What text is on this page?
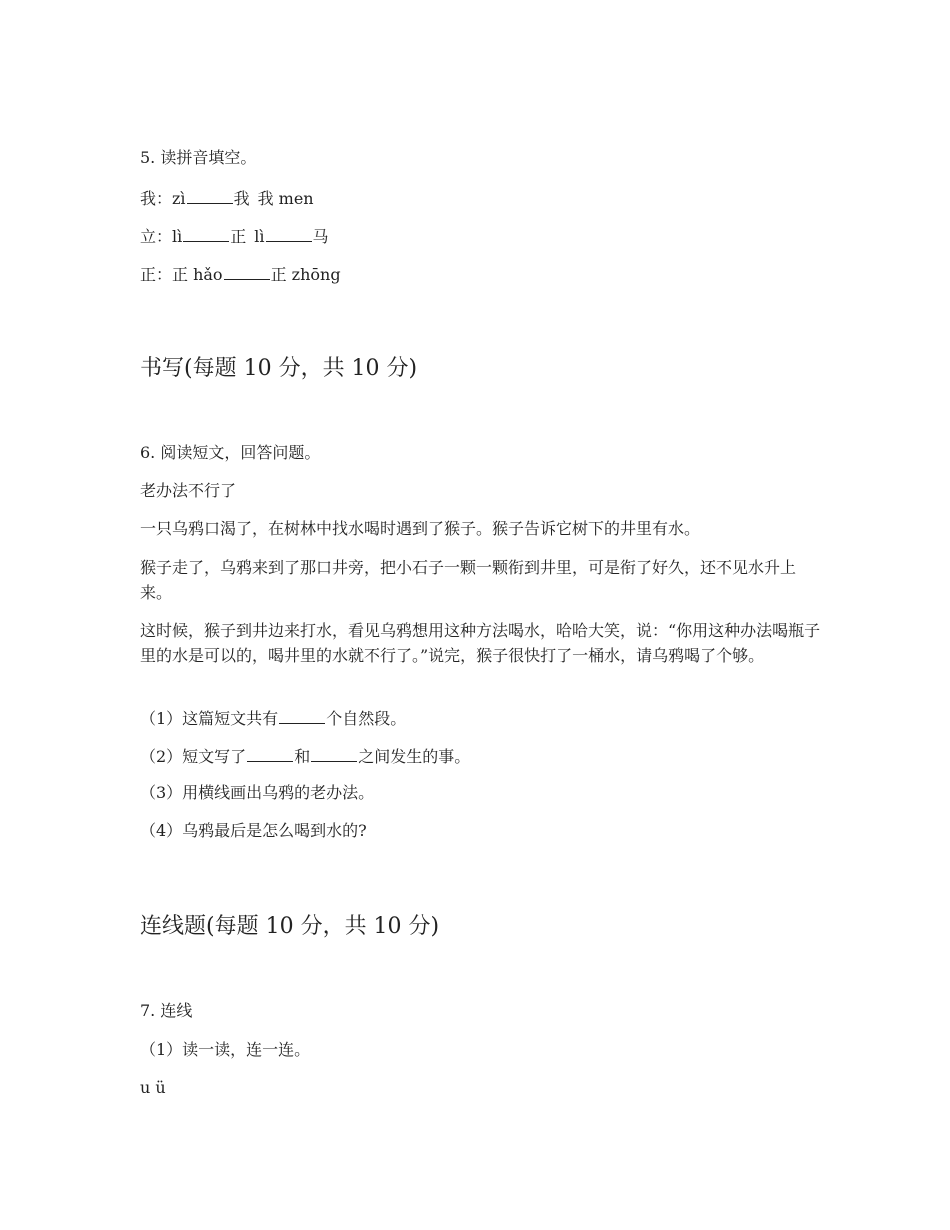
5. 读拼音填空。
我：zì	我 我 men
立：lì	正 lì	马
正：正 hǎo	正 zhōng
书写(每题 10 分，共 10 分)
6. 阅读短文，回答问题。
老办法不行了
一只乌鸦口渴了，在树林中找水喝时遇到了猴子。猴子告诉它树下的井里有水。
猴子走了，乌鸦来到了那口井旁，把小石子一颗一颗衔到井里，可是衔了好久，还不见水升上来。
这时候，猴子到井边来打水，看见乌鸦想用这种方法喝水，哈哈大笑，说：“你用这种办法喝瓶子里的水是可以的，喝井里的水就不行了。”说完，猴子很快打了一桶水，请乌鸦喝了个够。
（1）这篇短文共有	个自然段。
（2）短文写了	和	之间发生的事。
（3）用横线画出乌鸦的老办法。
（4）乌鸦最后是怎么喝到水的?
连线题(每题 10 分，共 10 分)
7. 连线
（1）读一读，连一连。
u ü
